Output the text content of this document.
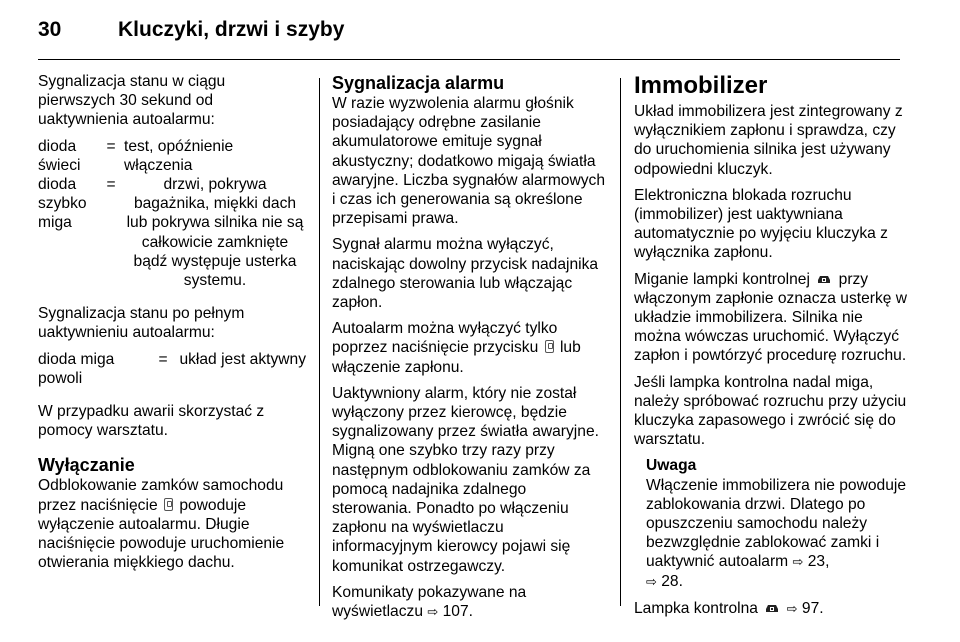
30	Kluczyki, drzwi i szyby

Sygnalizacja stanu w ciągu pierwszych 30 sekund od uaktywnienia autoalarmu:

dioda świeci
= test, opóźnienie włączenia
dioda szybko miga
=	drzwi, pokrywa bagażnika, miękki dach lub pokrywa silnika nie są całkowicie zamknięte bądź występuje usterka systemu.

Sygnalizacja stanu po pełnym uaktywnieniu autoalarmu:

dioda miga powoli
= układ jest aktywny

W przypadku awarii skorzystać z pomocy warsztatu.

Wyłączanie

Odblokowanie zamków samochodu przez naciśnięcie powoduje wyłączenie autoalarmu. Długie naciśnięcie powoduje uruchomienie otwierania miękkiego dachu.

Sygnalizacja alarmu

W razie wyzwolenia alarmu głośnik posiadający odrębne zasilanie akumulatorowe emituje sygnał akustyczny; dodatkowo migają światła awaryjne. Liczba sygnałów alarmowych i czas ich generowania są określone przepisami prawa.

Sygnał alarmu można wyłączyć, naciskając dowolny przycisk nadajnika zdalnego sterowania lub włączając zapłon.

Autoalarm można wyłączyć tylko poprzez naciśnięcie przycisku lub włączenie zapłonu.

Uaktywniony alarm, który nie został wyłączony przez kierowcę, będzie sygnalizowany przez światła awaryjne. Migną one szybko trzy razy przy następnym odblokowaniu zamków za pomocą nadajnika zdalnego sterowania. Ponadto po włączeniu zapłonu na wyświetlaczu informacyjnym kierowcy pojawi się komunikat ostrzegawczy.

Komunikaty pokazywane na wyświetlaczu ⇨ 107.

Immobilizer

Układ immobilizera jest zintegrowany z wyłącznikiem zapłonu i sprawdza, czy do uruchomienia silnika jest używany odpowiedni kluczyk.

Elektroniczna blokada rozruchu (immobilizer) jest uaktywniana automatycznie po wyjęciu kluczyka z wyłącznika zapłonu.

Miganie lampki kontrolnej przy włączonym zapłonie oznacza usterkę w układzie immobilizera. Silnika nie można wówczas uruchomić. Wyłączyć zapłon i powtórzyć procedurę rozruchu.

Jeśli lampka kontrolna nadal miga, należy spróbować rozruchu przy użyciu kluczyka zapasowego i zwrócić się do warsztatu.

Uwaga
Włączenie immobilizera nie powoduje zablokowania drzwi. Dlatego po opuszczeniu samochodu należy bezwzględnie zablokować zamki i uaktywnić autoalarm ⇨ 23,
⇨ 28.

Lampka kontrolna ⇨ 97.
